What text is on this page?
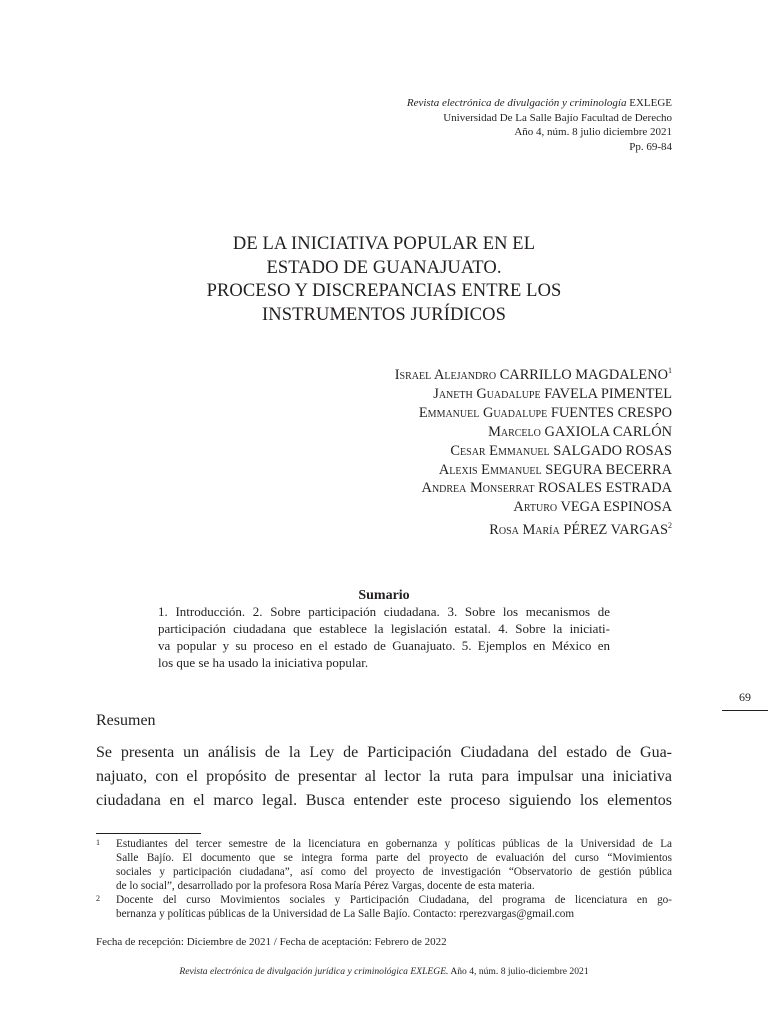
Revista electrónica de divulgación y criminología EXLEGE
Universidad De La Salle Bajío Facultad de Derecho
Año 4, núm. 8 julio diciembre 2021
Pp. 69-84
DE LA INICIATIVA POPULAR EN EL
ESTADO DE GUANAJUATO.
PROCESO Y DISCREPANCIAS ENTRE LOS
INSTRUMENTOS JURÍDICOS
Israel Alejandro CARRILLO MAGDALENO$^1$
Janeth Guadalupe FAVELA PIMENTEL
Emmanuel Guadalupe FUENTES CRESPO
Marcelo GAXIOLA CARLÓN
Cesar Emmanuel SALGADO ROSAS
Alexis Emmanuel SEGURA BECERRA
Andrea Monserrat ROSALES ESTRADA
Arturo VEGA ESPINOSA
Rosa María PÉREZ VARGAS$^2$
Sumario
1. Introducción. 2. Sobre participación ciudadana. 3. Sobre los mecanismos de
participación ciudadana que establece la legislación estatal. 4. Sobre la iniciati-
va popular y su proceso en el estado de Guanajuato. 5. Ejemplos en México en
los que se ha usado la iniciativa popular.
69
Resumen
Se presenta un análisis de la Ley de Participación Ciudadana del estado de Gua-
najuato, con el propósito de presentar al lector la ruta para impulsar una iniciativa
ciudadana en el marco legal. Busca entender este proceso siguiendo los elementos
1 Estudiantes del tercer semestre de la licenciatura en gobernanza y políticas públicas de la Universidad de La
Salle Bajío. El documento que se integra forma parte del proyecto de evaluación del curso “Movimientos
sociales y participación ciudadana”, así como del proyecto de investigación “Observatorio de gestión pública
de lo social”, desarrollado por la profesora Rosa María Pérez Vargas, docente de esta materia.
2 Docente del curso Movimientos sociales y Participación Ciudadana, del programa de licenciatura en go-
bernanza y políticas públicas de la Universidad de La Salle Bajío. Contacto: rperezvargas@gmail.com
Fecha de recepción: Diciembre de 2021 / Fecha de aceptación: Febrero de 2022
Revista electrónica de divulgación jurídica y criminológica EXLEGE. Año 4, núm. 8 julio-diciembre 2021
